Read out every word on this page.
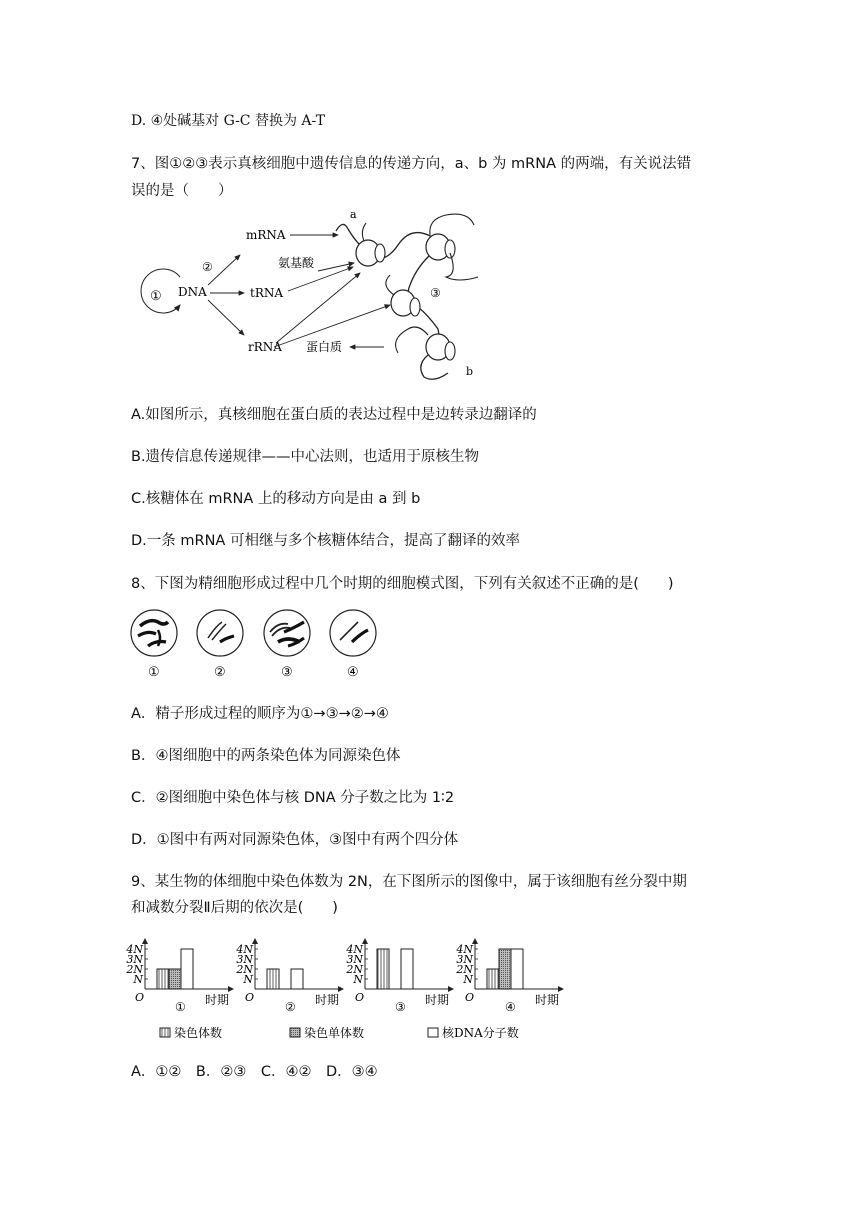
D. ④处碱基对 G-C 替换为 A-T
7、图①②③表示真核细胞中遗传信息的传递方向，a、b 为 mRNA 的两端，有关说法错
误的是（　　）
① DNA
②
mRNA
tRNA
rRNA
氨基酸
a
b
③
蛋白质
A.如图所示，真核细胞在蛋白质的表达过程中是边转录边翻译的
B.遗传信息传递规律——中心法则，也适用于原核生物
C.核糖体在 mRNA 上的移动方向是由 a 到 b
D.一条 mRNA 可相继与多个核糖体结合，提高了翻译的效率
8、下图为精细胞形成过程中几个时期的细胞模式图，下列有关叙述不正确的是(　　)
①	②	③	④
A．精子形成过程的顺序为①→③→②→④
B．④图细胞中的两条染色体为同源染色体
C．②图细胞中染色体与核 DNA 分子数之比为 1∶2
D．①图中有两对同源染色体，③图中有两个四分体
9、某生物的体细胞中染色体数为 2N，在下图所示的图像中，属于该细胞有丝分裂中期
和减数分裂Ⅱ后期的依次是(　　)
4N
3N
2N
N
O	时期
①
4N
3N
2N
N
O	时期
②
4N
3N
2N
N
O	时期
③
4N
3N
2N
N
O	时期
④
染色体数	染色单体数	核DNA分子数
A．①②　B．②③　C．④②　D．③④
